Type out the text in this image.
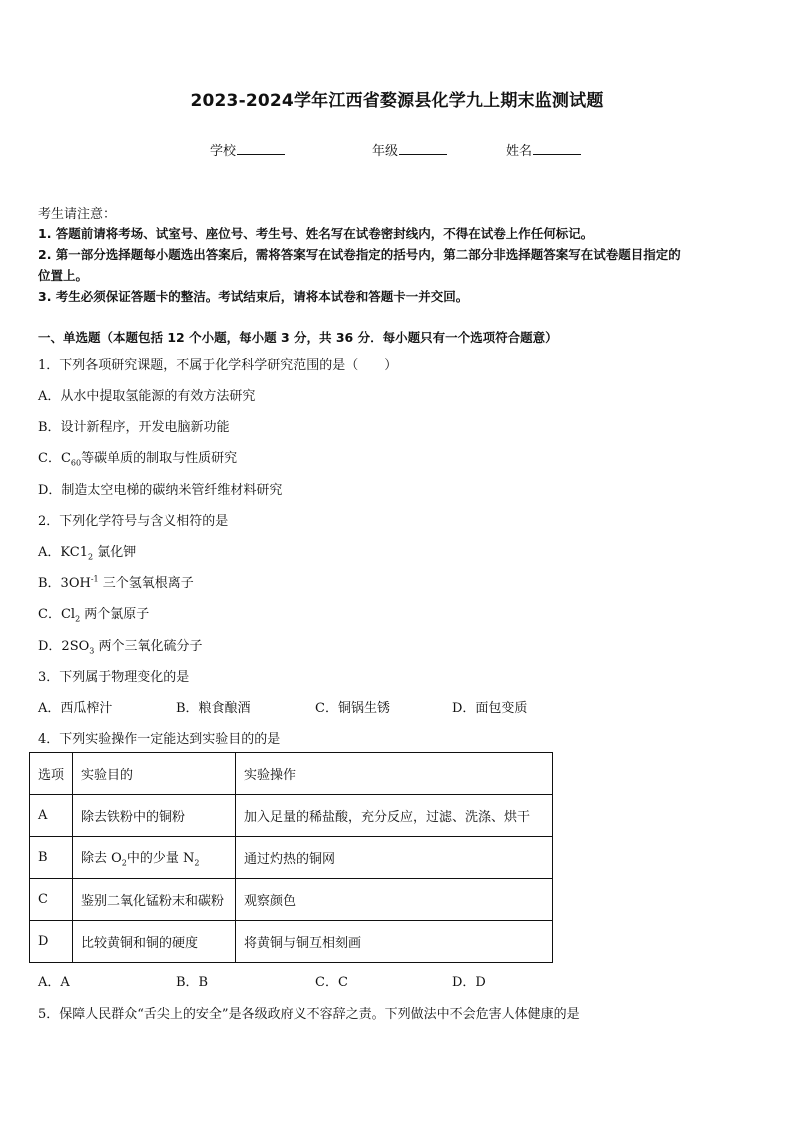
2023-2024学年江西省婺源县化学九上期末监测试题
学校	年级	姓名
考生请注意：
1. 答题前请将考场、试室号、座位号、考生号、姓名写在试卷密封线内，不得在试卷上作任何标记。
2. 第一部分选择题每小题选出答案后，需将答案写在试卷指定的括号内，第二部分非选择题答案写在试卷题目指定的
位置上。
3. 考生必须保证答题卡的整洁。考试结束后，请将本试卷和答题卡一并交回。
一、单选题（本题包括 12 个小题，每小题 3 分，共 36 分．每小题只有一个选项符合题意）
1．下列各项研究课题，不属于化学科学研究范围的是（　　）
A．从水中提取氢能源的有效方法研究
B．设计新程序，开发电脑新功能
C．$C_{60}$等碳单质的制取与性质研究
D．制造太空电梯的碳纳米管纤维材料研究
2．下列化学符号与含义相符的是
A．$KC1_2$ 氯化钾
B．$3OH^{-1}$ 三个氢氧根离子
C．$Cl_2$ 两个氯原子
D．$2SO_3$ 两个三氧化硫分子
3．下列属于物理变化的是
A．西瓜榨汁	B．粮食酿酒	C．铜锅生锈	D．面包变质
4．下列实验操作一定能达到实验目的的是
选项	实验目的	实验操作
A	除去铁粉中的铜粉	加入足量的稀盐酸，充分反应，过滤、洗涤、烘干
B	除去 $O_2$中的少量 $N_2$	通过灼热的铜网
C	鉴别二氧化锰粉末和碳粉	观察颜色
D	比较黄铜和铜的硬度	将黄铜与铜互相刻画
A．A	B．B	C．C	D．D
5．保障人民群众“舌尖上的安全”是各级政府义不容辞之责。下列做法中不会危害人体健康的是
